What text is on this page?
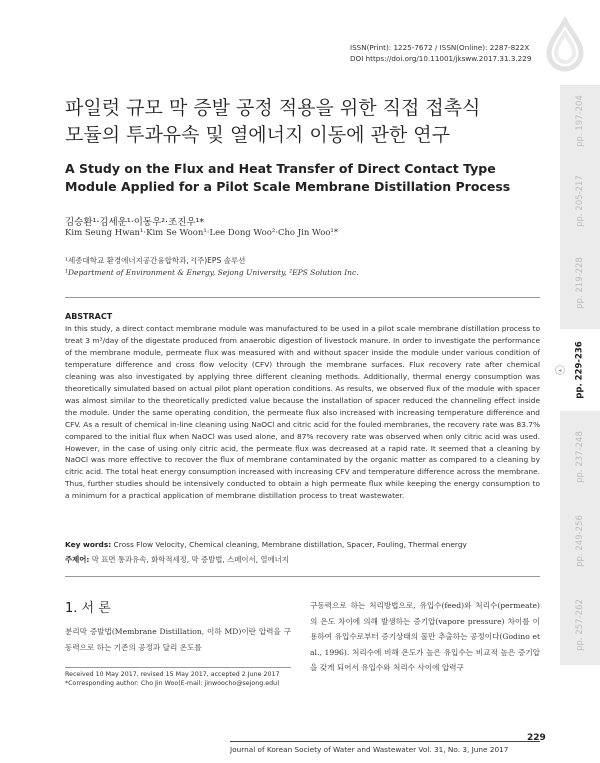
ISSN(Print): 1225-7672 / ISSN(Online): 2287-822X
DOI https://doi.org/10.11001/jksww.2017.31.3.229
pp. 197-204
pp. 205-217
pp. 219-228
◂	pp. 229-236
pp. 237-248
pp. 249-256
pp. 257-262
파일럿 규모 막 증발 공정 적용을 위한 직접 접촉식
모듈의 투과유속 및 열에너지 이동에 관한 연구
A Study on the Flux and Heat Transfer of Direct Contact Type
Module Applied for a Pilot Scale Membrane Distillation Process
김승환¹·김세운¹·이동우²·조진우¹*
Kim Seung Hwan¹·Kim Se Woon¹·Lee Dong Woo²·Cho Jin Woo¹*
¹세종대학교 환경에너지공간융합학과, ²(주)EPS 솔루션
¹Department of Environment & Energy, Sejong University, ²EPS Solution Inc.
ABSTRACT
In this study, a direct contact membrane module was manufactured to be used in a pilot scale membrane distillation process to treat 3 m³/day of the digestate produced from anaerobic digestion of livestock manure. In order to investigate the performance of the membrane module, permeate flux was measured with and without spacer inside the module under various condition of temperature difference and cross flow velocity (CFV) through the membrane surfaces. Flux recovery rate after chemical cleaning was also investigated by applying three different cleaning methods. Additionally, thermal energy consumption was theoretically simulated based on actual pilot plant operation conditions. As results, we observed flux of the module with spacer was almost similar to the theoretically predicted value because the installation of spacer reduced the channeling effect inside the module. Under the same operating condition, the permeate flux also increased with increasing temperature difference and CFV. As a result of chemical in-line cleaning using NaOCl and citric acid for the fouled membranes, the recovery rate was 83.7% compared to the initial flux when NaOCl was used alone, and 87% recovery rate was observed when only citric acid was used. However, in the case of using only citric acid, the permeate flux was decreased at a rapid rate. It seemed that a cleaning by NaOCl was more effective to recover the flux of membrane contaminated by the organic matter as compared to a cleaning by citric acid. The total heat energy consumption increased with increasing CFV and temperature difference across the membrane. Thus, further studies should be intensively conducted to obtain a high permeate flux while keeping the energy consumption to a minimum for a practical application of membrane distillation process to treat wastewater.
Key words: Cross Flow Velocity, Chemical cleaning, Membrane distillation, Spacer, Fouling, Thermal energy
주제어: 막 표면 통과유속, 화학적세정, 막 증발법, 스페이서, 열에너지
1. 서 론
분리막 증발법(Membrane Distillation, 이하 MD)이란 압력을 구동력으로 하는 기존의 공정과 달리 온도를
구동력으로 하는 처리방법으로, 유입수(feed)와 처리수(permeate)의 온도 차이에 의해 발생하는 증기압(vapore pressure) 차이를 이용하여 유입수로부터 증기상태의 물만 추출하는 공정이다(Godino et al., 1996). 처리수에 비해 온도가 높은 유입수는 비교적 높은 증기압을 갖게 되어서 유입수와 처리수 사이에 압력구
Received 10 May 2017, revised 15 May 2017, accepted 2 June 2017
*Corresponding author: Cho Jin Woo(E-mail: jinwoocho@sejong.edu)
229
Journal of Korean Society of Water and Wastewater Vol. 31, No. 3, June 2017
